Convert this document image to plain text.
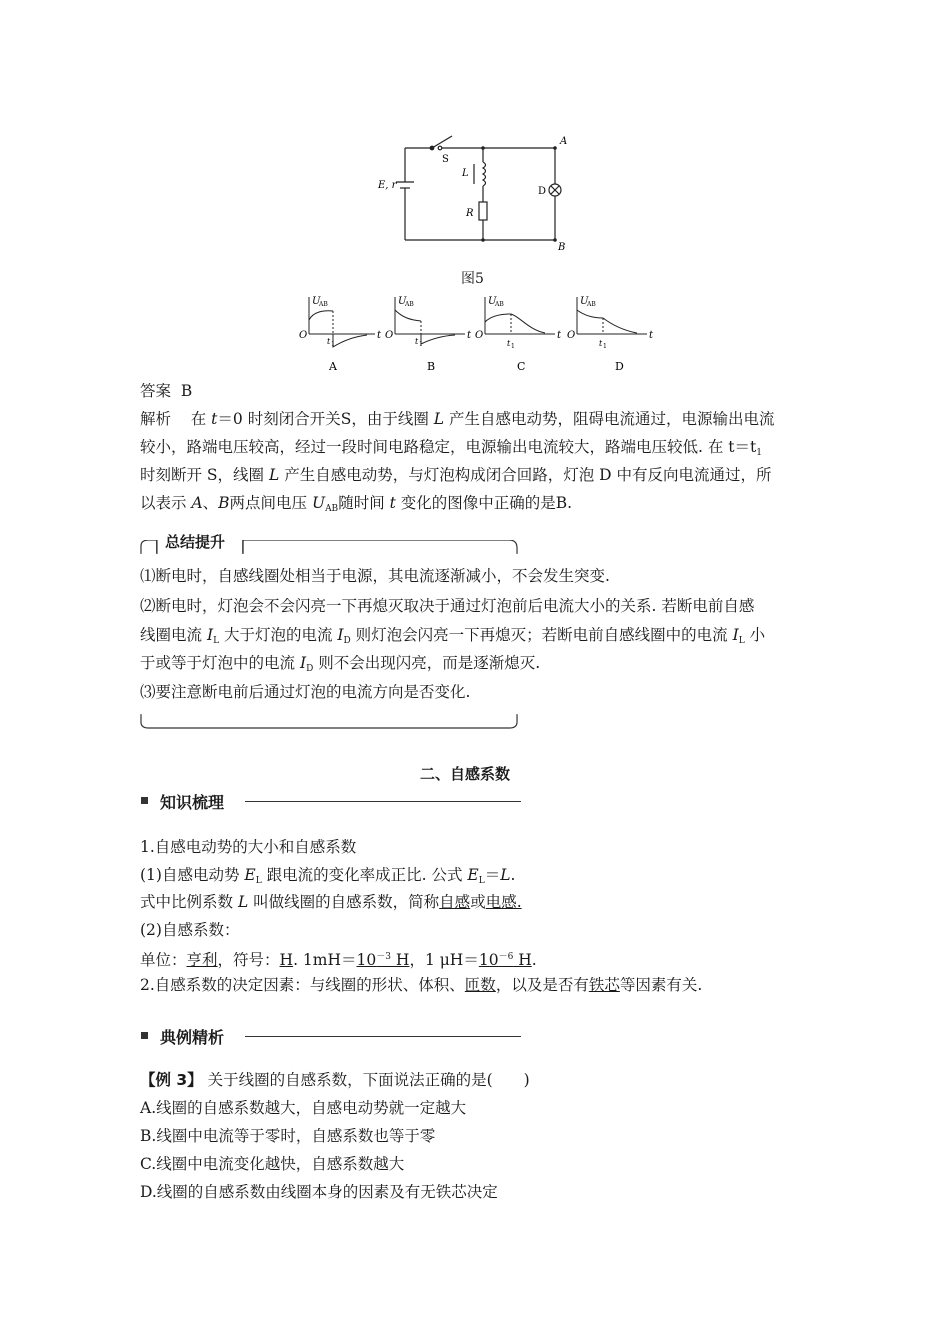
S
E, r
L
R
D
A
B
图5
U
AB
O	t
t 1
A
U
AB
O	t
t 1
B
U
AB
O	t
t 1
C
U
AB
O	t
t 1
D
答案 B
解析 在 t＝0 时刻闭合开关S，由于线圈 L 产生自感电动势，阻碍电流通过，电源输出电流
较小，路端电压较高，经过一段时间电路稳定，电源输出电流较大，路端电压较低. 在 $t=t_1$
时刻断开 S，线圈 L 产生自感电动势，与灯泡构成闭合回路，灯泡 D 中有反向电流通过，所
以表示 A、B两点间电压 $U_{AB}$随时间 t 变化的图像中正确的是B.
总结提升
⑴断电时，自感线圈处相当于电源，其电流逐渐减小，不会发生突变.
⑵断电时，灯泡会不会闪亮一下再熄灭取决于通过灯泡前后电流大小的关系. 若断电前自感
线圈电流 $I_L$ 大于灯泡的电流 $I_D$ 则灯泡会闪亮一下再熄灭；若断电前自感线圈中的电流 $I_L$ 小
于或等于灯泡中的电流 $I_D$ 则不会出现闪亮，而是逐渐熄灭.
⑶要注意断电前后通过灯泡的电流方向是否变化.
二、自感系数
知识梳理
1.自感电动势的大小和自感系数
(1)自感电动势 $E_L$ 跟电流的变化率成正比. 公式 $E_L=L$.
式中比例系数 L 叫做线圈的自感系数，简称自感或电感.
(2)自感系数：
单位：亨利，符号：H. $1mH=10^{-3}$ H，1 $\mu H=10^{-6}$ H.
2.自感系数的决定因素：与线圈的形状、体积、匝数，以及是否有铁芯等因素有关.
典例精析
【例 3】 关于线圈的自感系数，下面说法正确的是(　　)
A.线圈的自感系数越大，自感电动势就一定越大
B.线圈中电流等于零时，自感系数也等于零
C.线圈中电流变化越快，自感系数越大
D.线圈的自感系数由线圈本身的因素及有无铁芯决定
